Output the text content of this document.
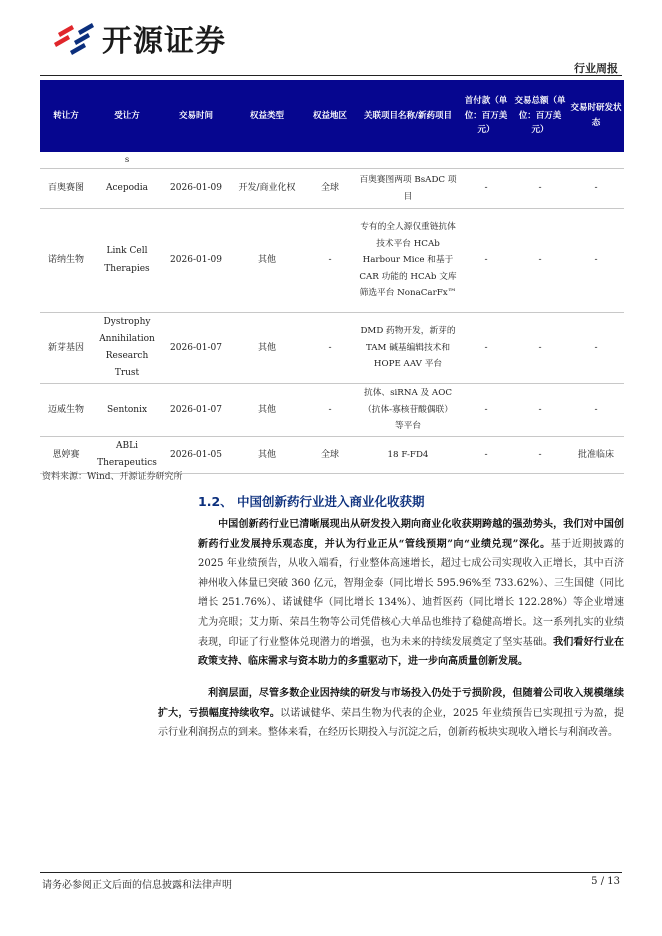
开源证券
行业周报
转让方	受让方	交易时间	权益类型	权益地区	关联项目名称/新药项目	首付款（单位：百万美元）	交易总额（单位：百万美元）	交易时研发状态
	s							
百奥赛图	Acepodia	2026-01-09	开发/商业化权	全球	百奥赛图两项 BsADC 项目	-	-	-
诺纳生物	Link Cell Therapies	2026-01-09	其他	-	专有的全人源仅重链抗体技术平台 HCAb Harbour Mice 和基于 CAR 功能的 HCAb 文库筛选平台 NonaCarFx™	-	-	-
新芽基因	Dystrophy Annihilation Research Trust	2026-01-07	其他	-	DMD 药物开发，新芽的 TAM 碱基编辑技术和 HOPE AAV 平台	-	-	-
迈威生物	Sentonix	2026-01-07	其他	-	抗体、siRNA 及 AOC（抗体-寡核苷酸偶联）等平台	-	-	-
恩婷赛	ABLi Therapeutics	2026-01-05	其他	全球	18 F-FD4	-	-	批准临床
资料来源：Wind、开源证券研究所
1.2、 中国创新药行业进入商业化收获期

  中国创新药行业已清晰展现出从研发投入期向商业化收获期跨越的强劲势头，我们对中国创新药行业发展持乐观态度，并认为行业正从“管线预期”向“业绩兑现”深化。基于近期披露的 2025 年业绩预告，从收入端看，行业整体高速增长，超过七成公司实现收入正增长，其中百济神州收入体量已突破 360 亿元，智翔金泰（同比增长 595.96%至 733.62%）、三生国健（同比增长 251.76%）、诺诚健华（同比增长 134%）、迪哲医药（同比增长 122.28%）等企业增速尤为亮眼；艾力斯、荣昌生物等公司凭借核心大单品也维持了稳健高增长。这一系列扎实的业绩表现，印证了行业整体兑现潜力的增强，也为未来的持续发展奠定了坚实基础。我们看好行业在政策支持、临床需求与资本助力的多重驱动下，进一步向高质量创新发展。

     利润层面，尽管多数企业因持续的研发与市场投入仍处于亏损阶段，但随着公司收入规模继续扩大，亏损幅度持续收窄。以诺诚健华、荣昌生物为代表的企业，2025 年业绩预告已实现扭亏为盈，提示行业利润拐点的到来。整体来看，在经历长期投入与沉淀之后，创新药板块实现收入增长与利润改善。

请务必参阅正文后面的信息披露和法律声明	5 / 13
